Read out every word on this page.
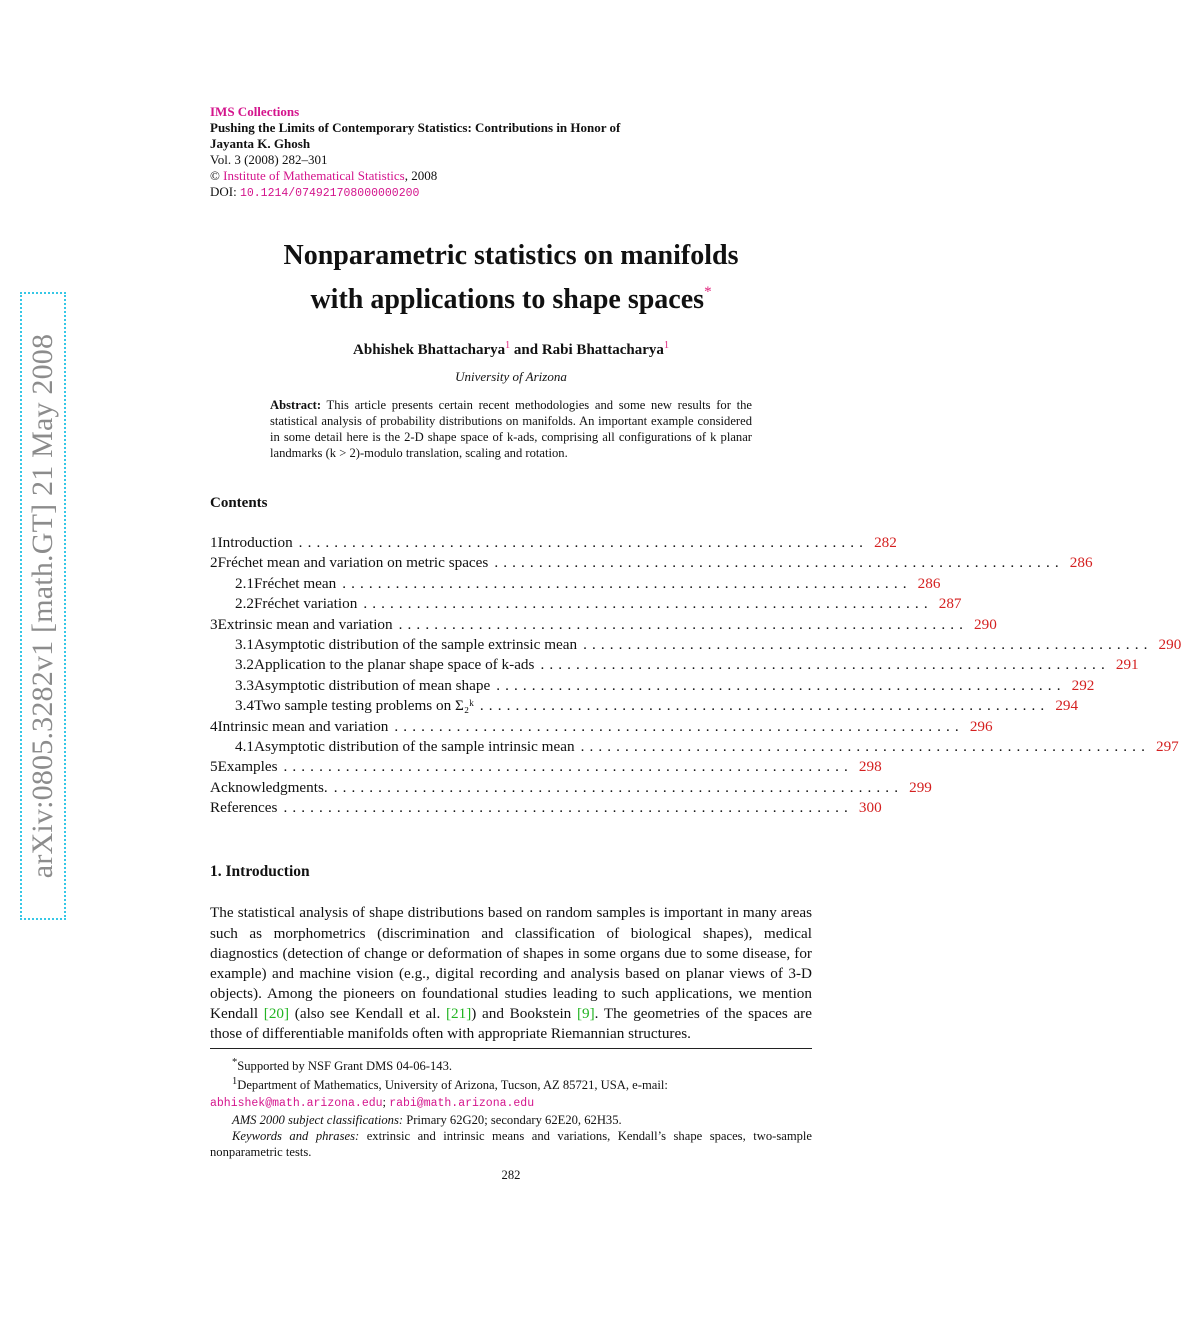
arXiv:0805.3282v1 [math.GT] 21 May 2008
IMS Collections
Pushing the Limits of Contemporary Statistics: Contributions in Honor of
Jayanta K. Ghosh
Vol. 3 (2008) 282–301
© Institute of Mathematical Statistics, 2008
DOI: 10.1214/074921708000000200
Nonparametric statistics on manifolds
with applications to shape spaces*
Abhishek Bhattacharya$^1$ and Rabi Bhattacharya$^1$
University of Arizona
Abstract: This article presents certain recent methodologies and some new results for the statistical analysis of probability distributions on manifolds. An important example considered in some detail here is the 2-D shape space of k-ads, comprising all configurations of k planar landmarks (k > 2)-modulo translation, scaling and rotation.
Contents
1 Introduction ................................................................ 282
2 Fréchet mean and variation on metric spaces ................................................................ 286
2.1 Fréchet mean ................................................................ 286
2.2 Fréchet variation ................................................................ 287
3 Extrinsic mean and variation ................................................................ 290
3.1 Asymptotic distribution of the sample extrinsic mean ................................................................ 290
3.2 Application to the planar shape space of k-ads ................................................................ 291
3.3 Asymptotic distribution of mean shape ................................................................ 292
3.4 Two sample testing problems on Σ₂ᵏ ................................................................ 294
4 Intrinsic mean and variation ................................................................ 296
4.1 Asymptotic distribution of the sample intrinsic mean ................................................................ 297
5 Examples ................................................................ 298
Acknowledgments. ................................................................ 299
References ................................................................ 300
1. Introduction
The statistical analysis of shape distributions based on random samples is important in many areas such as morphometrics (discrimination and classification of biological shapes), medical diagnostics (detection of change or deformation of shapes in some organs due to some disease, for example) and machine vision (e.g., digital recording and analysis based on planar views of 3-D objects). Among the pioneers on foundational studies leading to such applications, we mention Kendall [20] (also see Kendall et al. [21]) and Bookstein [9]. The geometries of the spaces are those of differentiable manifolds often with appropriate Riemannian structures.

*Supported by NSF Grant DMS 04-06-143.

$^1$Department of Mathematics, University of Arizona, Tucson, AZ 85721, USA, e-mail:

abhishek@math.arizona.edu; rabi@math.arizona.edu

AMS 2000 subject classifications: Primary 62G20; secondary 62E20, 62H35.

Keywords and phrases: extrinsic and intrinsic means and variations, Kendall’s shape spaces, two-sample nonparametric tests.

282
